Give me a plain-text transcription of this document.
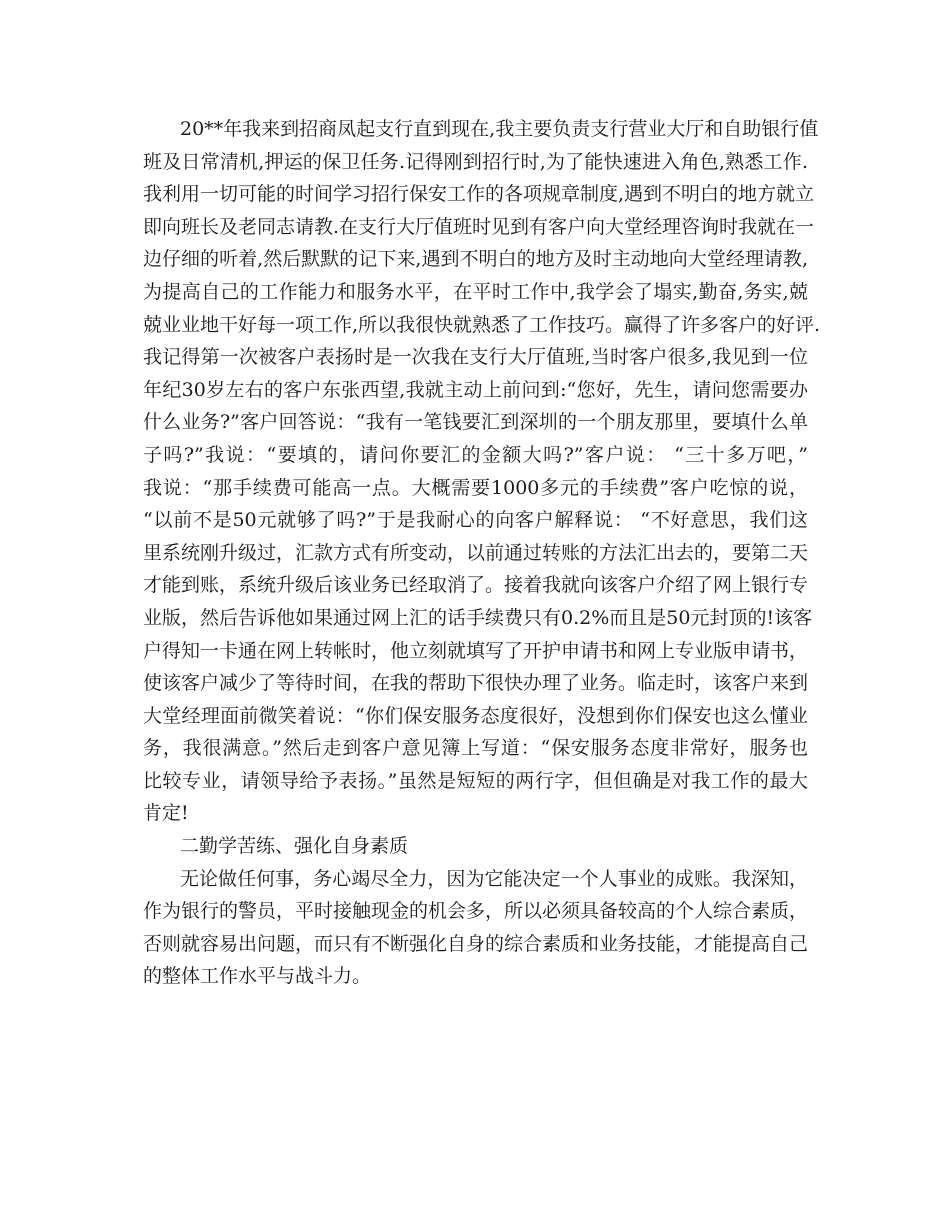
20**年我来到招商凤起支行直到现在,我主要负责支行营业大厅和自助银行值
班及日常清机,押运的保卫任务.记得刚到招行时,为了能快速进入角色,熟悉工作.
我利用一切可能的时间学习招行保安工作的各项规章制度,遇到不明白的地方就立
即向班长及老同志请教.在支行大厅值班时见到有客户向大堂经理咨询时我就在一
边仔细的听着,然后默默的记下来,遇到不明白的地方及时主动地向大堂经理请教,
为提高自己的工作能力和服务水平，在平时工作中,我学会了塌实,勤奋,务实,兢
兢业业地干好每一项工作,所以我很快就熟悉了工作技巧。赢得了许多客户的好评.
我记得第一次被客户表扬时是一次我在支行大厅值班,当时客户很多,我见到一位
年纪30岁左右的客户东张西望,我就主动上前问到:“您好，先生，请问您需要办
什么业务?”客户回答说：“我有一笔钱要汇到深圳的一个朋友那里，要填什么单
子吗?”我说：“要填的，请问你要汇的金额大吗?”客户说： “三十多万吧，”
我说：“那手续费可能高一点。大概需要1000多元的手续费”客户吃惊的说，
“以前不是50元就够了吗?”于是我耐心的向客户解释说： “不好意思，我们这
里系统刚升级过，汇款方式有所变动，以前通过转账的方法汇出去的，要第二天
才能到账，系统升级后该业务已经取消了。接着我就向该客户介绍了网上银行专
业版，然后告诉他如果通过网上汇的话手续费只有0.2%而且是50元封顶的!该客
户得知一卡通在网上转帐时，他立刻就填写了开护申请书和网上专业版申请书，
使该客户减少了等待时间，在我的帮助下很快办理了业务。临走时，该客户来到
大堂经理面前微笑着说：“你们保安服务态度很好，没想到你们保安也这么懂业
务，我很满意。”然后走到客户意见簿上写道：“保安服务态度非常好，服务也
比较专业，请领导给予表扬。”虽然是短短的两行字，但但确是对我工作的最大
肯定!
二勤学苦练、强化自身素质
无论做任何事，务心竭尽全力，因为它能决定一个人事业的成账。我深知，
作为银行的警员，平时接触现金的机会多，所以必须具备较高的个人综合素质，
否则就容易出问题，而只有不断强化自身的综合素质和业务技能，才能提高自己
的整体工作水平与战斗力。
